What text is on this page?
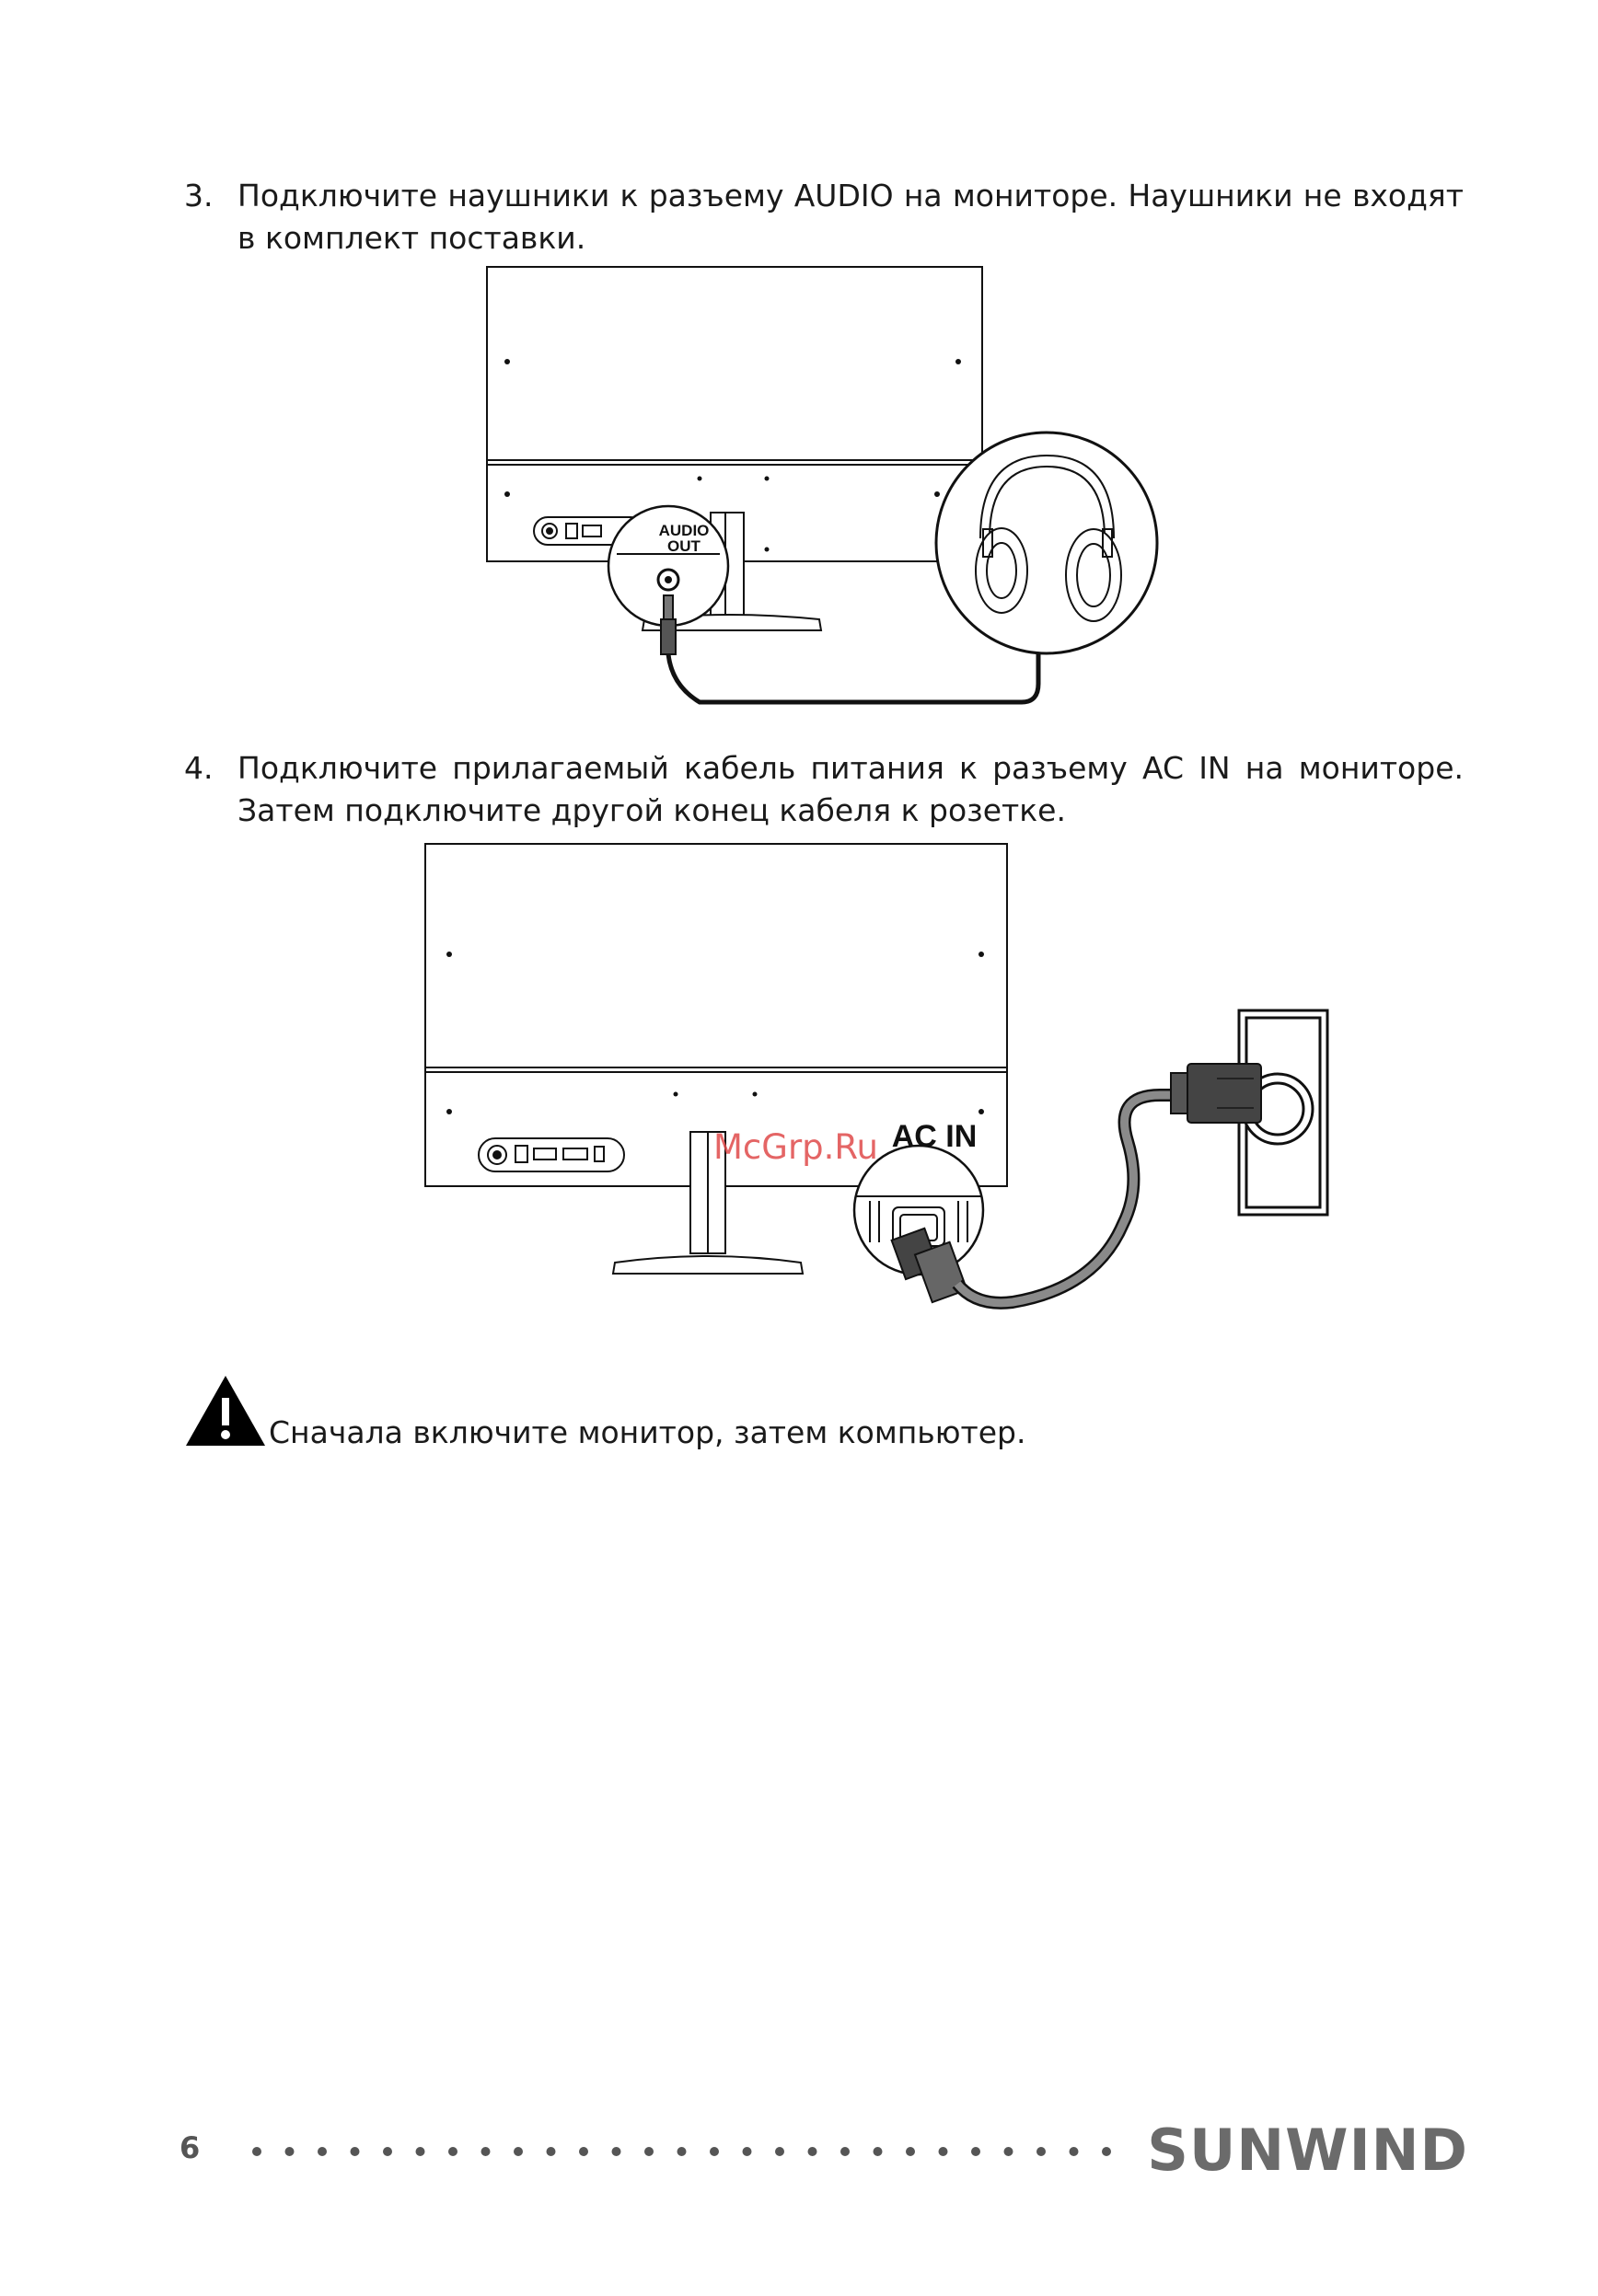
3. Подключите наушники к разъему AUDIO на мониторе. Наушники не входят в комплект поставки.
AUDIO
OUT
4. Подключите прилагаемый кабель питания к разъему AC IN на мониторе. Затем подключите другой конец кабеля к розетке.
AC IN
McGrp.Ru
Сначала включите монитор, затем компьютер.
6	SUNWIND
